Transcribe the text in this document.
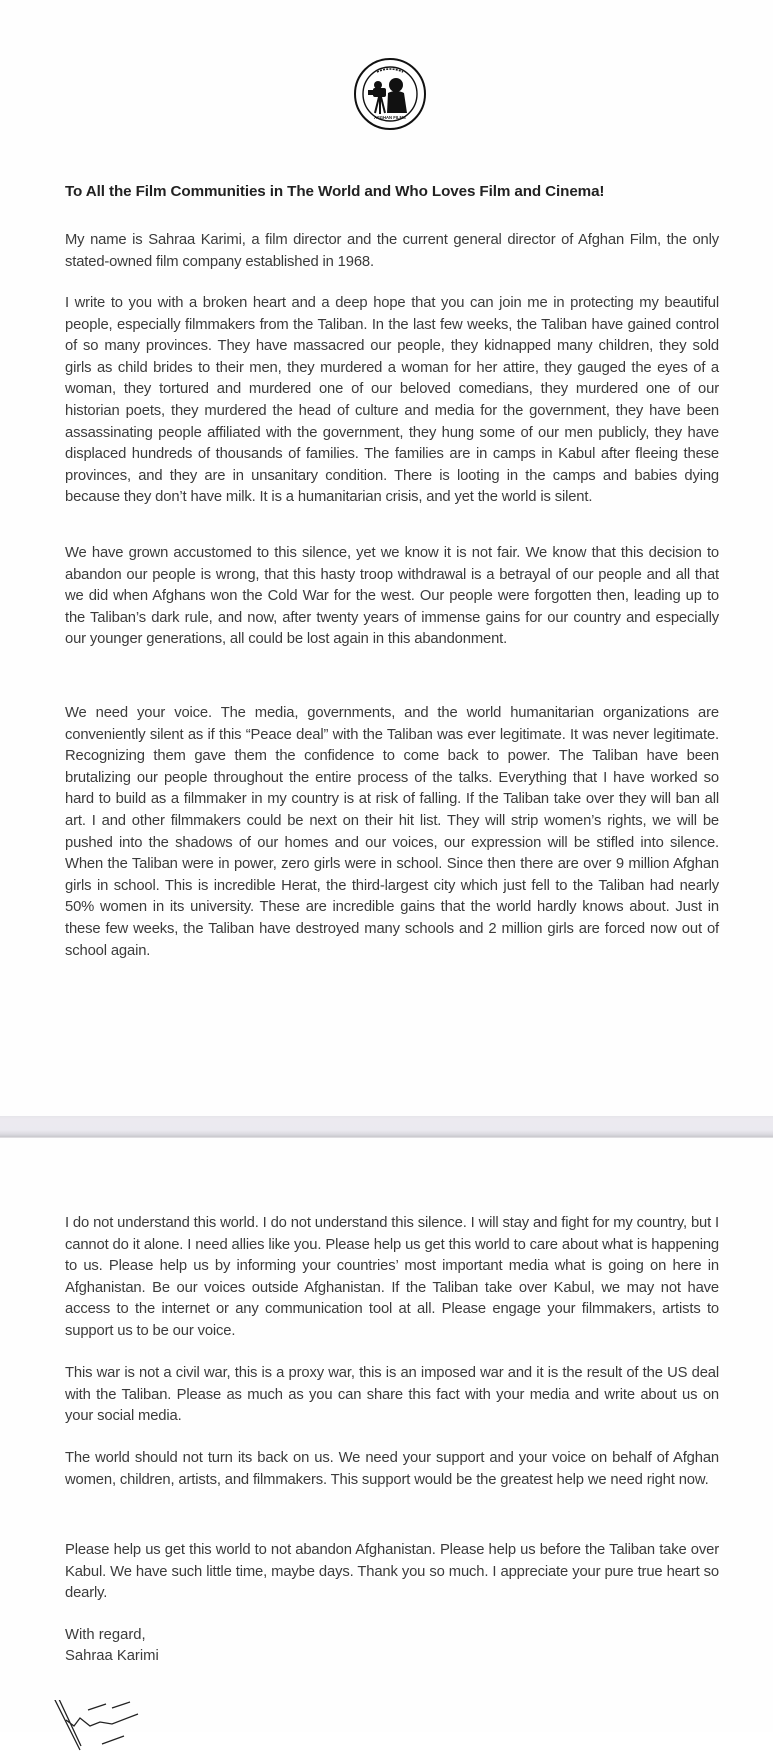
AFGHAN FILMS
To All the Film Communities in The World and Who Loves Film and Cinema!

My name is Sahraa Karimi, a film director and the current general director of Afghan Film, the only stated-owned film company established in 1968.

I write to you with a broken heart and a deep hope that you can join me in protecting my beautiful people, especially filmmakers from the Taliban. In the last few weeks, the Taliban have gained control of so many provinces. They have massacred our people, they kidnapped many children, they sold girls as child brides to their men, they murdered a woman for her attire, they gauged the eyes of a woman, they tortured and murdered one of our beloved comedians, they murdered one of our historian poets, they murdered the head of culture and media for the government, they have been assassinating people affiliated with the government, they hung some of our men publicly, they have displaced hundreds of thousands of families. The families are in camps in Kabul after fleeing these provinces, and they are in unsanitary condition. There is looting in the camps and babies dying because they don’t have milk. It is a humanitarian crisis, and yet the world is silent.

We have grown accustomed to this silence, yet we know it is not fair. We know that this decision to abandon our people is wrong, that this hasty troop withdrawal is a betrayal of our people and all that we did when Afghans won the Cold War for the west. Our people were forgotten then, leading up to the Taliban’s dark rule, and now, after twenty years of immense gains for our country and especially our younger generations, all could be lost again in this abandonment.

We need your voice. The media, governments, and the world humanitarian organizations are conveniently silent as if this “Peace deal” with the Taliban was ever legitimate. It was never legitimate. Recognizing them gave them the confidence to come back to power. The Taliban have been brutalizing our people throughout the entire process of the talks. Everything that I have worked so hard to build as a filmmaker in my country is at risk of falling. If the Taliban take over they will ban all art. I and other filmmakers could be next on their hit list. They will strip women’s rights, we will be pushed into the shadows of our homes and our voices, our expression will be stifled into silence. When the Taliban were in power, zero girls were in school. Since then there are over 9 million Afghan girls in school. This is incredible Herat, the third-largest city which just fell to the Taliban had nearly 50% women in its university. These are incredible gains that the world hardly knows about. Just in these few weeks, the Taliban have destroyed many schools and 2 million girls are forced now out of school again.

I do not understand this world. I do not understand this silence. I will stay and fight for my country, but I cannot do it alone. I need allies like you. Please help us get this world to care about what is happening to us. Please help us by informing your countries’ most important media what is going on here in Afghanistan. Be our voices outside Afghanistan. If the Taliban take over Kabul, we may not have access to the internet or any communication tool at all. Please engage your filmmakers, artists to support us to be our voice.

This war is not a civil war, this is a proxy war, this is an imposed war and it is the result of the US deal with the Taliban. Please as much as you can share this fact with your media and write about us on your social media.

The world should not turn its back on us. We need your support and your voice on behalf of Afghan women, children, artists, and filmmakers. This support would be the greatest help we need right now.

Please help us get this world to not abandon Afghanistan. Please help us before the Taliban take over Kabul. We have such little time, maybe days. Thank you so much. I appreciate your pure true heart so dearly.

With regard,
Sahraa Karimi
